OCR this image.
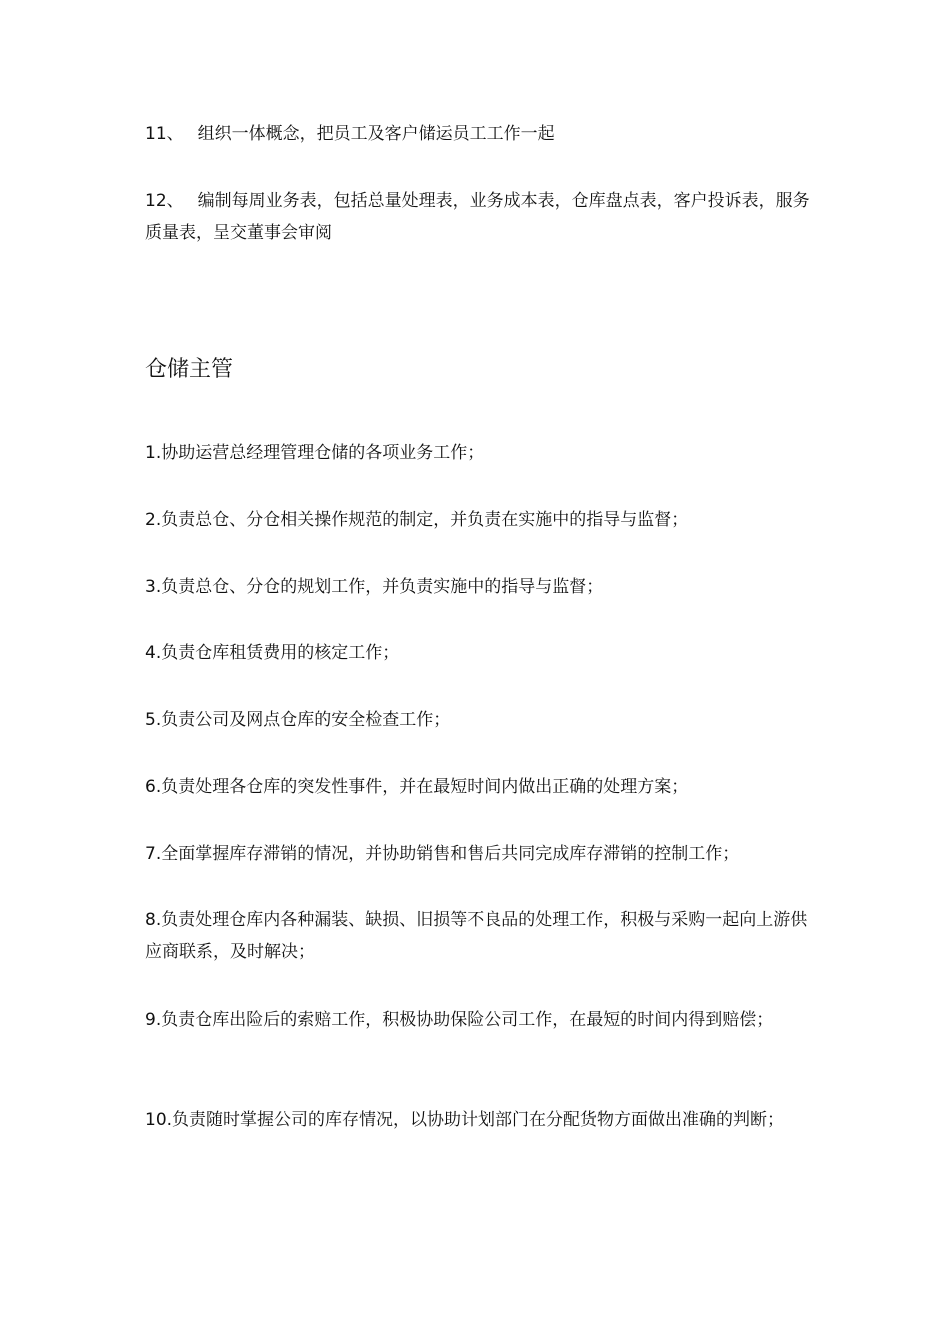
11、 组织一体概念，把员工及客户储运员工工作一起

12、 编制每周业务表，包括总量处理表，业务成本表，仓库盘点表，客户投诉表，服务质量表，呈交董事会审阅

仓储主管

1.协助运营总经理管理仓储的各项业务工作；

2.负责总仓、分仓相关操作规范的制定，并负责在实施中的指导与监督；

3.负责总仓、分仓的规划工作，并负责实施中的指导与监督；

4.负责仓库租赁费用的核定工作；

5.负责公司及网点仓库的安全检查工作；

6.负责处理各仓库的突发性事件，并在最短时间内做出正确的处理方案；

7.全面掌握库存滞销的情况，并协助销售和售后共同完成库存滞销的控制工作；

8.负责处理仓库内各种漏装、缺损、旧损等不良品的处理工作，积极与采购一起向上游供应商联系，及时解决；

9.负责仓库出险后的索赔工作，积极协助保险公司工作，在最短的时间内得到赔偿；

10.负责随时掌握公司的库存情况，以协助计划部门在分配货物方面做出准确的判断；
